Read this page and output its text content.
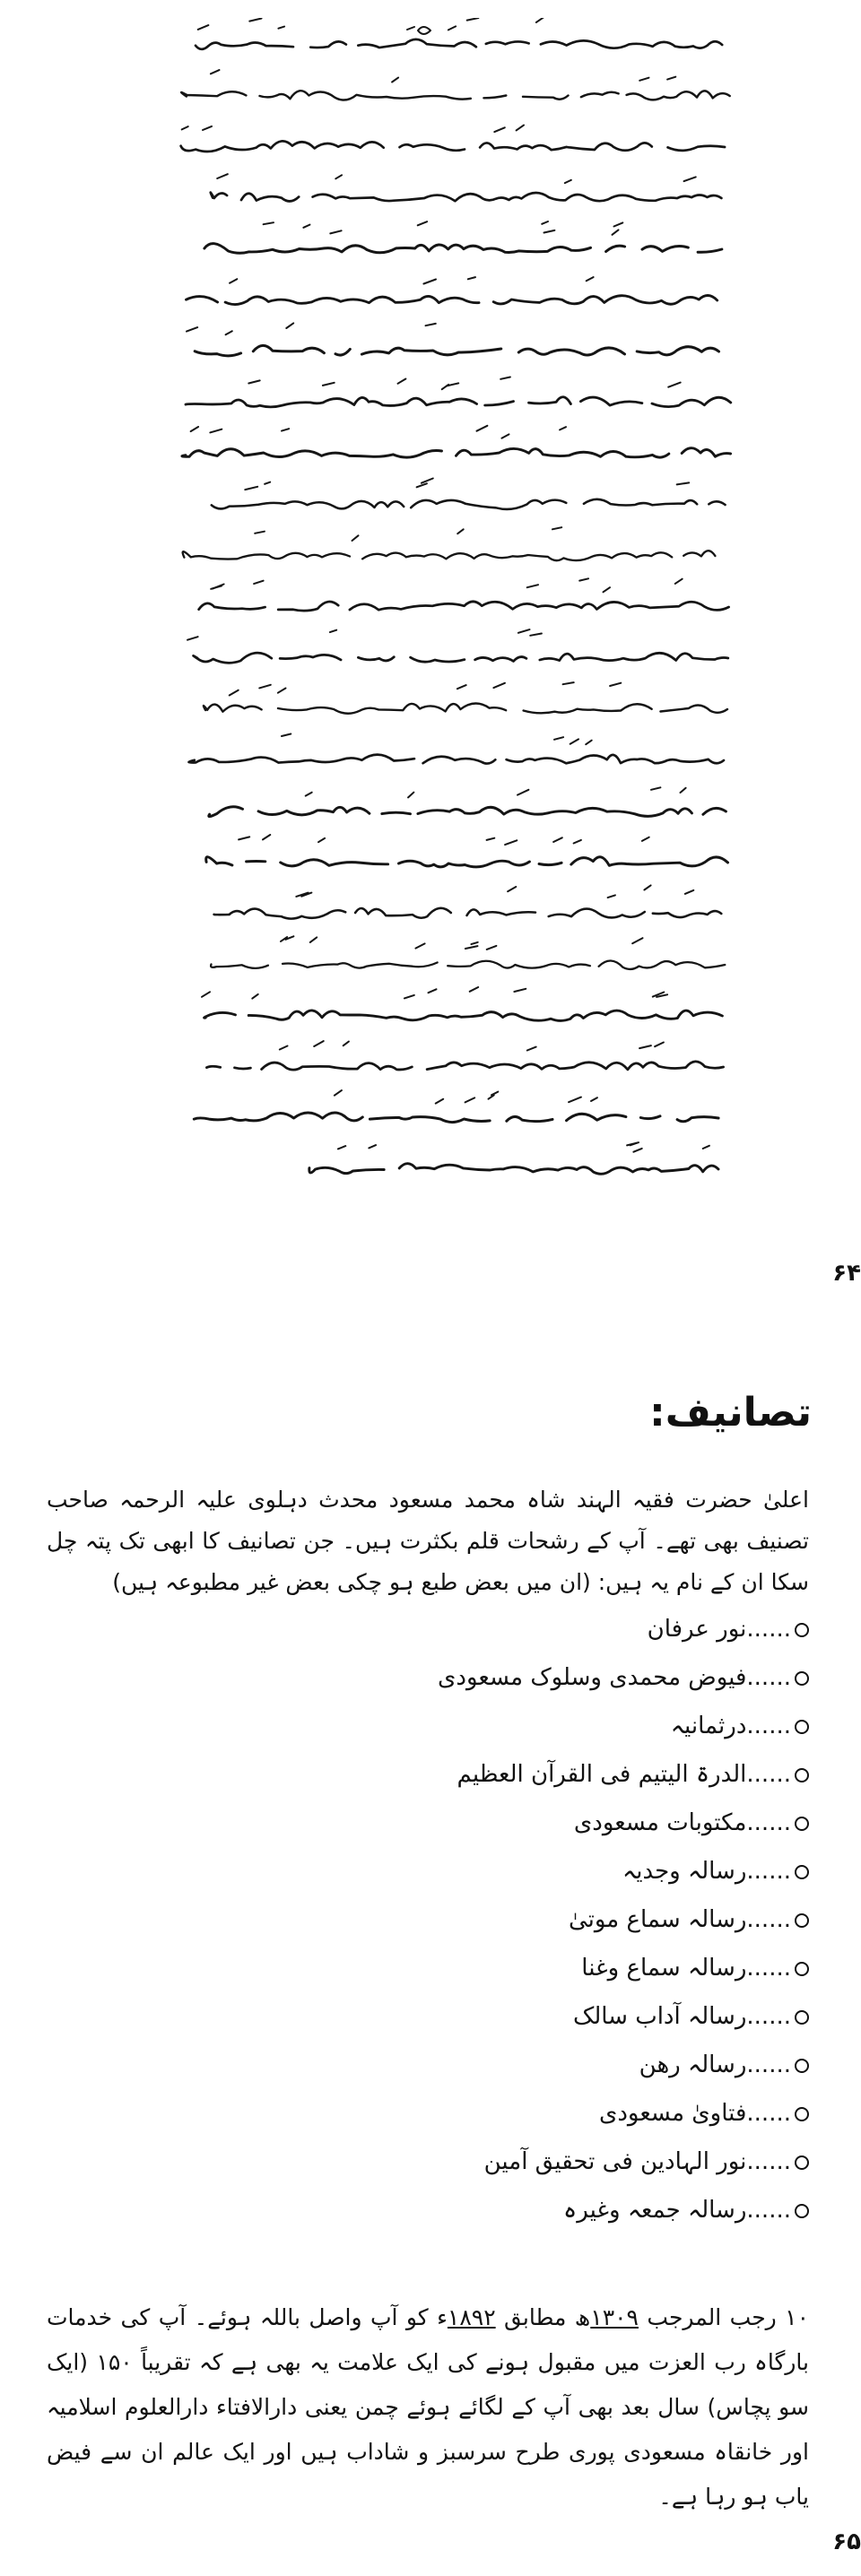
۶۴
تصانیف:

اعلیٰ حضرت فقیہ الہند شاہ محمد مسعود محدث دہلوی علیہ الرحمہ صاحب تصنیف بھی تھے۔ آپ کے رشحات قلم بکثرت ہیں۔ جن تصانیف کا ابھی تک پتہ چل سکا ان کے نام یہ ہیں: (ان میں بعض طبع ہو چکی بعض غیر مطبوعہ ہیں)

......نور عرفان
......فیوض محمدی وسلوک مسعودی
......درثمانیہ
......الدرۃ الیتیم فی القرآن العظیم
......مکتوبات مسعودی
......رسالہ وجدیہ
......رسالہ سماع موتیٰ
......رسالہ سماع وغنا
......رسالہ آداب سالک
......رسالہ رھن
......فتاویٰ مسعودی
......نور الہادین فی تحقیق آمین
......رسالہ جمعہ وغیرہ

۱۰ رجب المرجب ۱۳۰۹ھ مطابق ۱۸۹۲ء کو آپ واصل باللہ ہوئے۔ آپ کی خدمات بارگاہ رب العزت میں مقبول ہونے کی ایک علامت یہ بھی ہے کہ تقریباً ۱۵۰ (ایک سو پچاس) سال بعد بھی آپ کے لگائے ہوئے چمن یعنی دارالافتاء دارالعلوم اسلامیہ اور خانقاہ مسعودی پوری طرح سرسبز و شاداب ہیں اور ایک عالم ان سے فیض یاب ہو رہا ہے۔

۶۵
